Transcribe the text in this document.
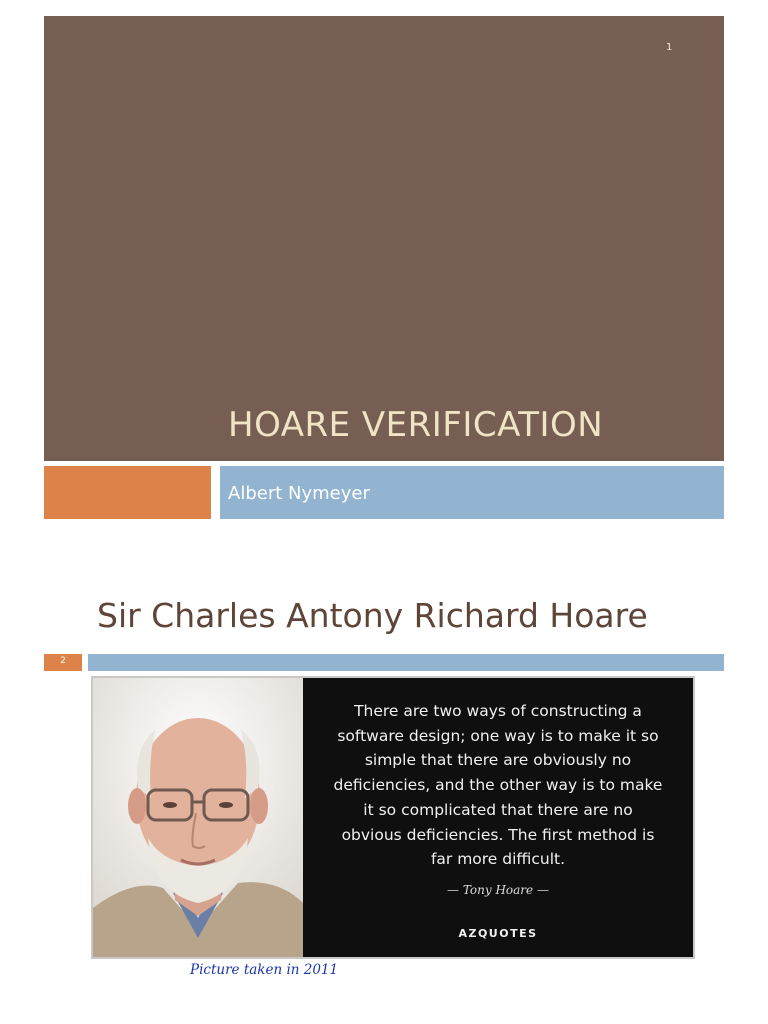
1
HOARE VERIFICATION
Albert Nymeyer
Sir Charles Antony Richard Hoare
2
There are two ways of constructing a software design; one way is to make it so simple that there are obviously no deficiencies, and the other way is to make it so complicated that there are no obvious deficiencies. The first method is far more difficult.
— Tony Hoare —
AZQUOTES
Picture taken in 2011
